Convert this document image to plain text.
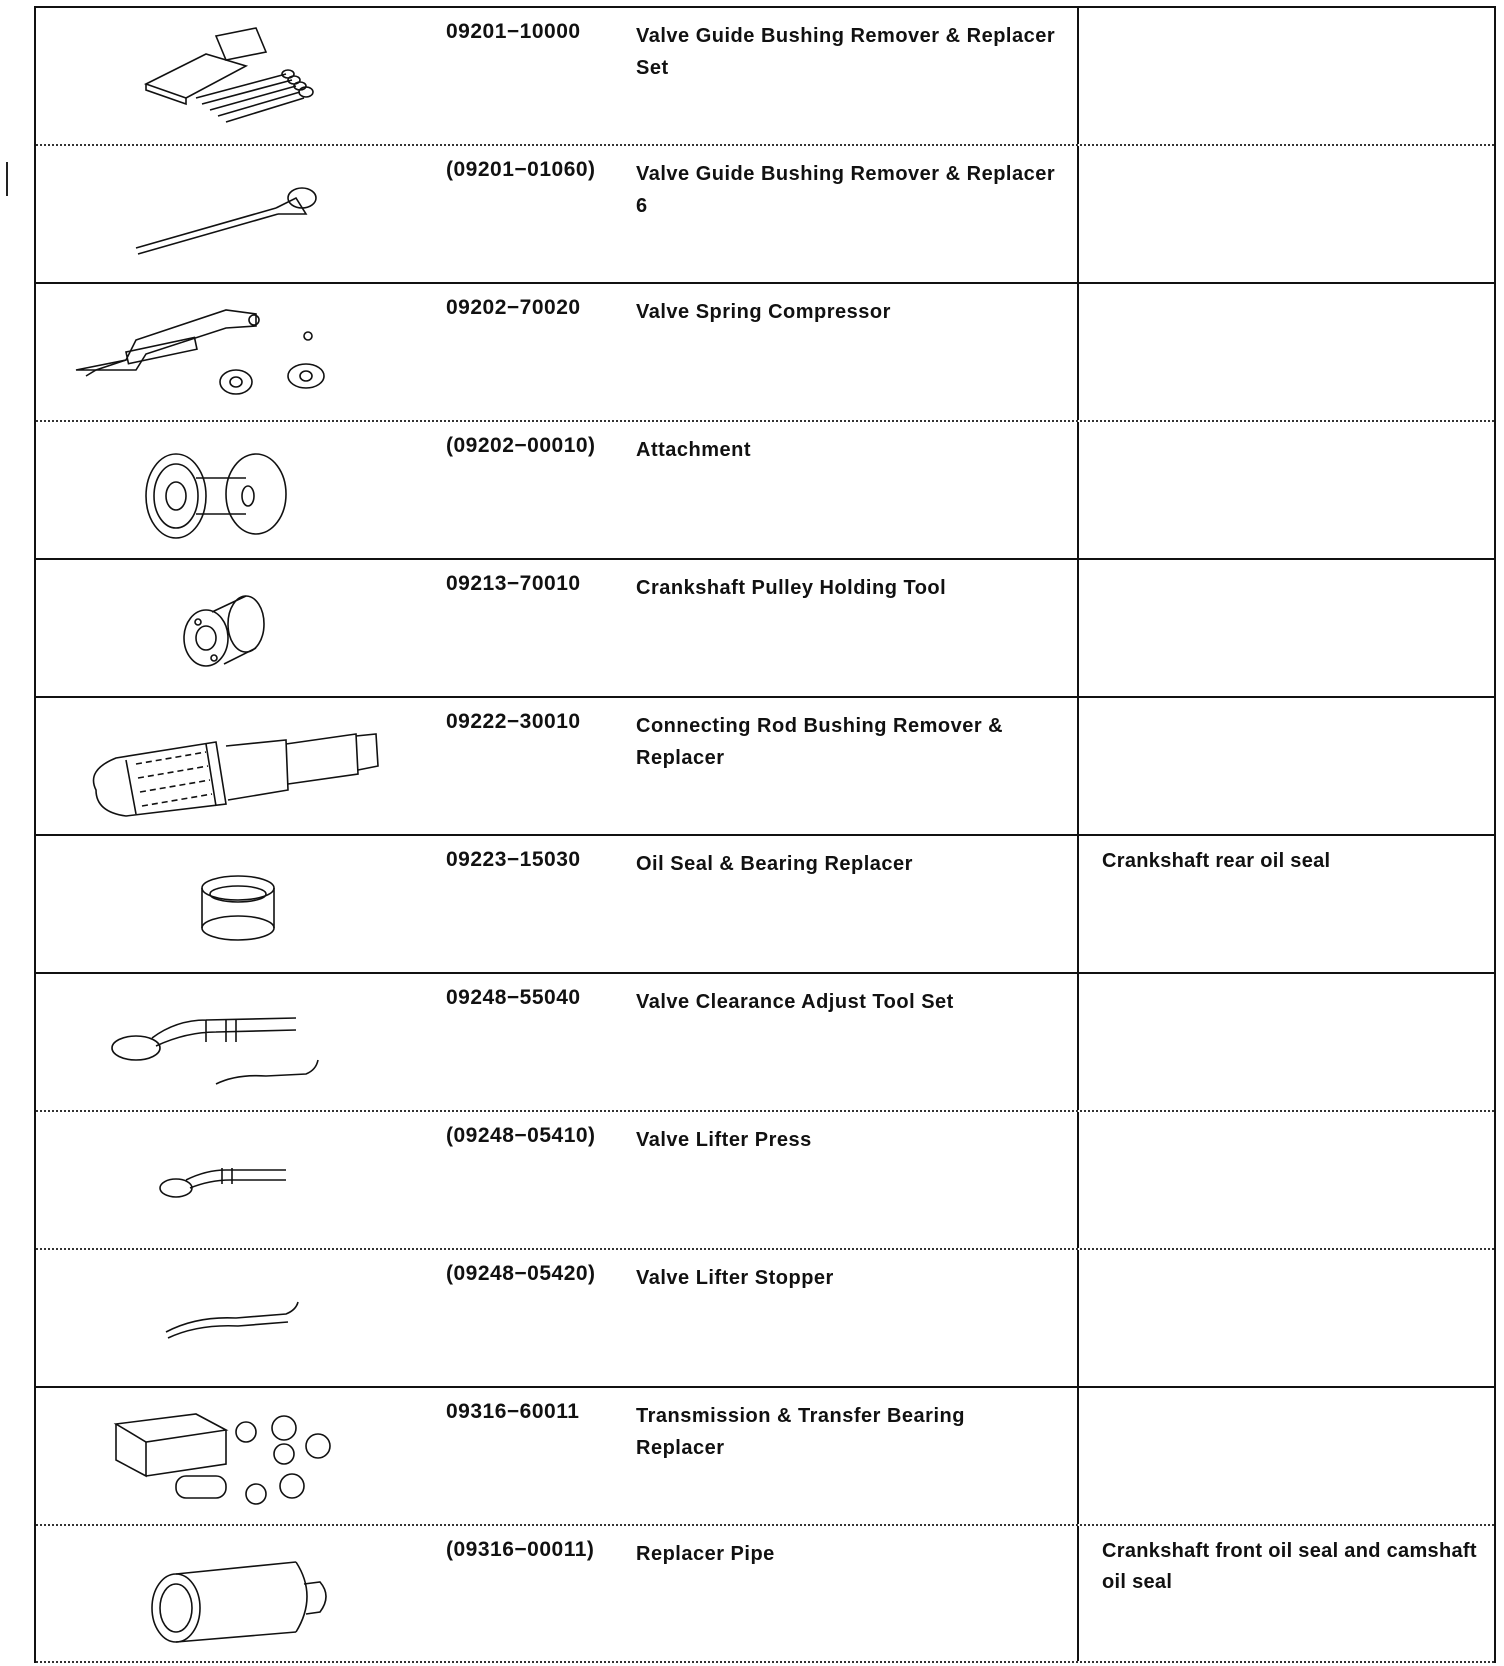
09201−10000	Valve Guide Bushing Remover & Replacer Set
(09201−01060) Valve Guide Bushing Remover & Replacer 6
09202−70020	Valve Spring Compressor
(09202−00010) Attachment
09213−70010	Crankshaft Pulley Holding Tool
09222−30010	Connecting Rod Bushing Remover & Replacer
09223−15030	Oil Seal & Bearing Replacer	Crankshaft rear oil seal
09248−55040	Valve Clearance Adjust Tool Set
(09248−05410) Valve Lifter Press
(09248−05420) Valve Lifter Stopper
09316−60011	Transmission & Transfer Bearing Replacer
(09316−00011) Replacer Pipe	Crankshaft front oil seal and camshaft oil seal
